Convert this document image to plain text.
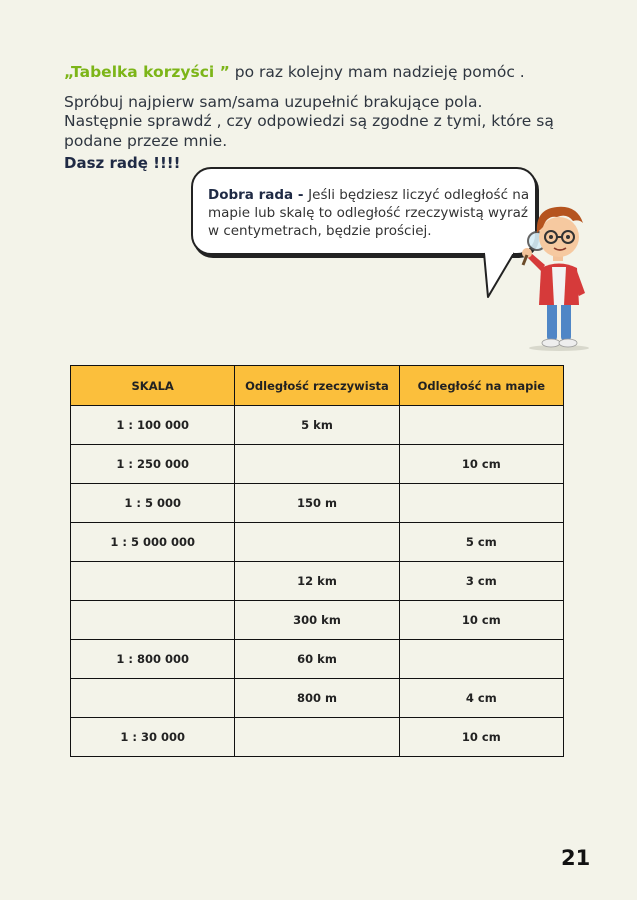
„Tabelka korzyści ” po raz kolejny mam nadzieję pomóc .

Spróbuj najpierw sam/sama uzupełnić brakujące pola.

Następnie sprawdź , czy odpowiedzi są zgodne z tymi, które są podane przeze mnie.

Dasz radę !!!!

Dobra rada - Jeśli będziesz liczyć odległość na mapie lub skalę to odległość rzeczywistą wyraź w centymetrach, będzie prościej.

SKALA	Odległość rzeczywista	Odległość na mapie
1 : 100 000	5 km	
1 : 250 000		10 cm
1 : 5 000	150 m	
1 : 5 000 000		5 cm
	12 km	3 cm
	300 km	10 cm
1 : 800 000	60 km	
	800 m	4 cm
1 : 30 000		10 cm
21
